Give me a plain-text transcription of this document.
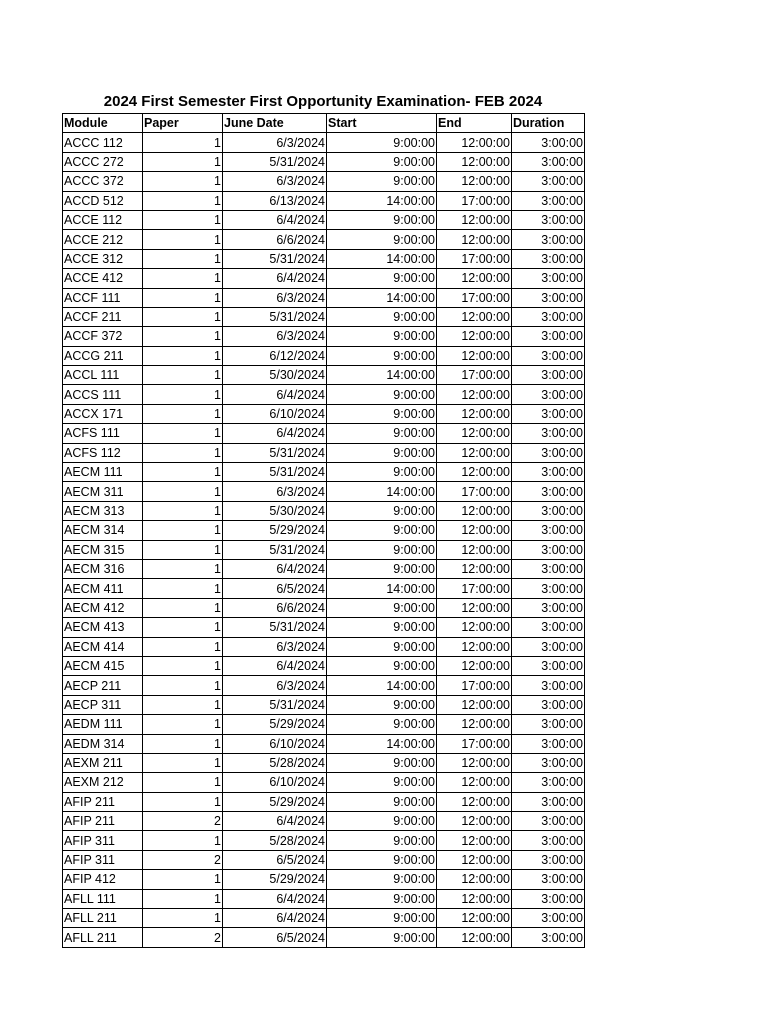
2024 First Semester First Opportunity Examination- FEB 2024
Module	Paper	June Date	Start	End	Duration
ACCC 112	1	6/3/2024	9:00:00	12:00:00	3:00:00
ACCC 272	1	5/31/2024	9:00:00	12:00:00	3:00:00
ACCC 372	1	6/3/2024	9:00:00	12:00:00	3:00:00
ACCD 512	1	6/13/2024	14:00:00	17:00:00	3:00:00
ACCE 112	1	6/4/2024	9:00:00	12:00:00	3:00:00
ACCE 212	1	6/6/2024	9:00:00	12:00:00	3:00:00
ACCE 312	1	5/31/2024	14:00:00	17:00:00	3:00:00
ACCE 412	1	6/4/2024	9:00:00	12:00:00	3:00:00
ACCF 111	1	6/3/2024	14:00:00	17:00:00	3:00:00
ACCF 211	1	5/31/2024	9:00:00	12:00:00	3:00:00
ACCF 372	1	6/3/2024	9:00:00	12:00:00	3:00:00
ACCG 211	1	6/12/2024	9:00:00	12:00:00	3:00:00
ACCL 111	1	5/30/2024	14:00:00	17:00:00	3:00:00
ACCS 111	1	6/4/2024	9:00:00	12:00:00	3:00:00
ACCX 171	1	6/10/2024	9:00:00	12:00:00	3:00:00
ACFS 111	1	6/4/2024	9:00:00	12:00:00	3:00:00
ACFS 112	1	5/31/2024	9:00:00	12:00:00	3:00:00
AECM 111	1	5/31/2024	9:00:00	12:00:00	3:00:00
AECM 311	1	6/3/2024	14:00:00	17:00:00	3:00:00
AECM 313	1	5/30/2024	9:00:00	12:00:00	3:00:00
AECM 314	1	5/29/2024	9:00:00	12:00:00	3:00:00
AECM 315	1	5/31/2024	9:00:00	12:00:00	3:00:00
AECM 316	1	6/4/2024	9:00:00	12:00:00	3:00:00
AECM 411	1	6/5/2024	14:00:00	17:00:00	3:00:00
AECM 412	1	6/6/2024	9:00:00	12:00:00	3:00:00
AECM 413	1	5/31/2024	9:00:00	12:00:00	3:00:00
AECM 414	1	6/3/2024	9:00:00	12:00:00	3:00:00
AECM 415	1	6/4/2024	9:00:00	12:00:00	3:00:00
AECP 211	1	6/3/2024	14:00:00	17:00:00	3:00:00
AECP 311	1	5/31/2024	9:00:00	12:00:00	3:00:00
AEDM 111	1	5/29/2024	9:00:00	12:00:00	3:00:00
AEDM 314	1	6/10/2024	14:00:00	17:00:00	3:00:00
AEXM 211	1	5/28/2024	9:00:00	12:00:00	3:00:00
AEXM 212	1	6/10/2024	9:00:00	12:00:00	3:00:00
AFIP 211	1	5/29/2024	9:00:00	12:00:00	3:00:00
AFIP 211	2	6/4/2024	9:00:00	12:00:00	3:00:00
AFIP 311	1	5/28/2024	9:00:00	12:00:00	3:00:00
AFIP 311	2	6/5/2024	9:00:00	12:00:00	3:00:00
AFIP 412	1	5/29/2024	9:00:00	12:00:00	3:00:00
AFLL 111	1	6/4/2024	9:00:00	12:00:00	3:00:00
AFLL 211	1	6/4/2024	9:00:00	12:00:00	3:00:00
AFLL 211	2	6/5/2024	9:00:00	12:00:00	3:00:00
